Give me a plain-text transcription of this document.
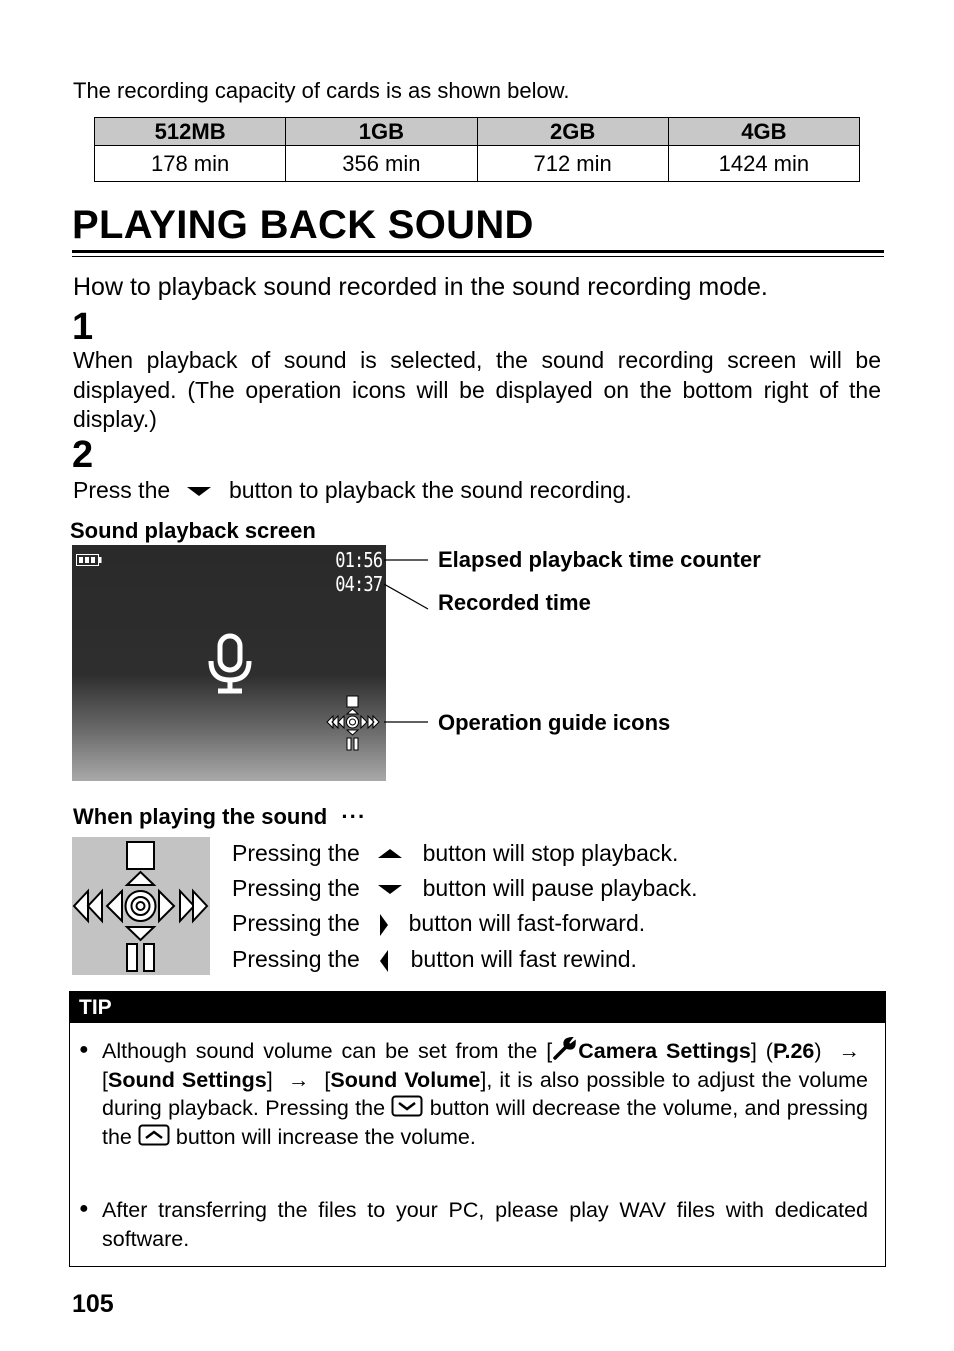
The recording capacity of cards is as shown below.
512MB	1GB	2GB	4GB
178 min	356 min	712 min	1424 min
PLAYING BACK SOUND
How to playback sound recorded in the sound recording mode.
1
When playback of sound is selected, the sound recording screen will be displayed. (The operation icons will be displayed on the bottom right of the display.)
2
Press the	button to playback the sound recording.
Sound playback screen
01:56
04:37
Elapsed playback time counter
Recorded time
Operation guide icons
When playing the sound ···
Pressing the	button will stop playback.
Pressing the	button will pause playback.
Pressing the button will fast-forward.
Pressing the button will fast rewind.
TIP
● Although sound volume can be set from the [ Camera Settings] (P.26) → [Sound Settings] → [Sound Volume], it is also possible to adjust the volume during playback. Pressing the button will decrease the volume, and pressing the button will increase the volume.
● After transferring the files to your PC, please play WAV files with dedicated software.
105
